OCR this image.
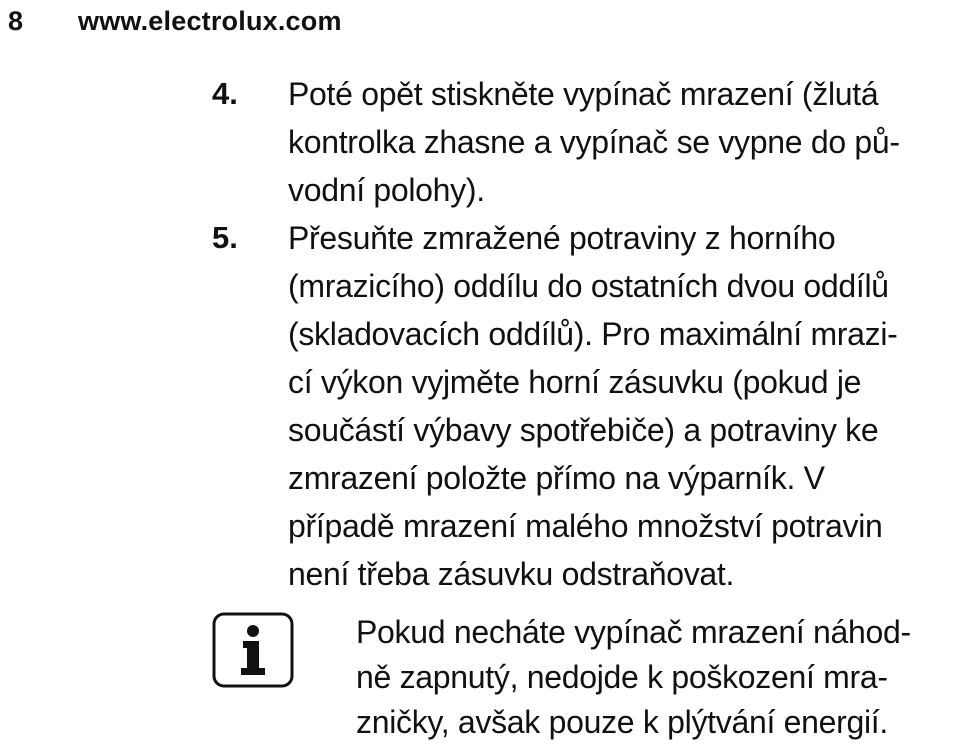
8	www.electrolux.com
4.	Poté opět stiskněte vypínač mrazení (žlutá
kontrolka zhasne a vypínač se vypne do pů-
vodní polohy).
5.	Přesuňte zmražené potraviny z horního
(mrazicího) oddílu do ostatních dvou oddílů
(skladovacích oddílů). Pro maximální mrazi-
cí výkon vyjměte horní zásuvku (pokud je
součástí výbavy spotřebiče) a potraviny ke
zmrazení položte přímo na výparník. V
případě mrazení malého množství potravin
není třeba zásuvku odstraňovat.
Pokud necháte vypínač mrazení náhod-
ně zapnutý, nedojde k poškození mra-
zničky, avšak pouze k plýtvání energií.
